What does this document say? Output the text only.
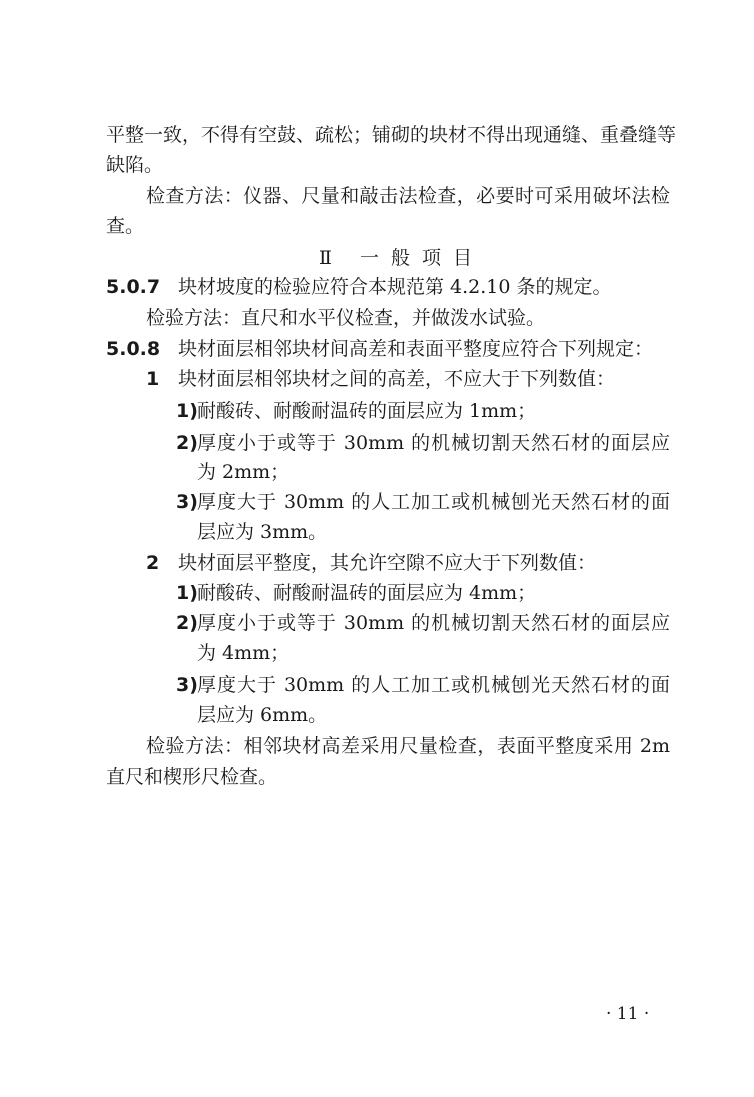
平整一致，不得有空鼓、疏松；铺砌的块材不得出现通缝、重叠缝等
缺陷。
检查方法：仪器、尺量和敲击法检查，必要时可采用破坏法检
查。
Ⅱ 一般项目
5.0.7 块材坡度的检验应符合本规范第 4.2.10 条的规定。
检验方法：直尺和水平仪检查，并做泼水试验。
5.0.8 块材面层相邻块材间高差和表面平整度应符合下列规定：
1 块材面层相邻块材之间的高差，不应大于下列数值：
1) 耐酸砖、耐酸耐温砖的面层应为 1mm；
2) 厚度小于或等于 30mm 的机械切割天然石材的面层应
为 2mm；
3) 厚度大于 30mm 的人工加工或机械刨光天然石材的面
层应为 3mm。
2 块材面层平整度，其允许空隙不应大于下列数值：
1) 耐酸砖、耐酸耐温砖的面层应为 4mm；
2) 厚度小于或等于 30mm 的机械切割天然石材的面层应
为 4mm；
3) 厚度大于 30mm 的人工加工或机械刨光天然石材的面
层应为 6mm。
检验方法：相邻块材高差采用尺量检查，表面平整度采用 2m
直尺和楔形尺检查。
· 11 ·
